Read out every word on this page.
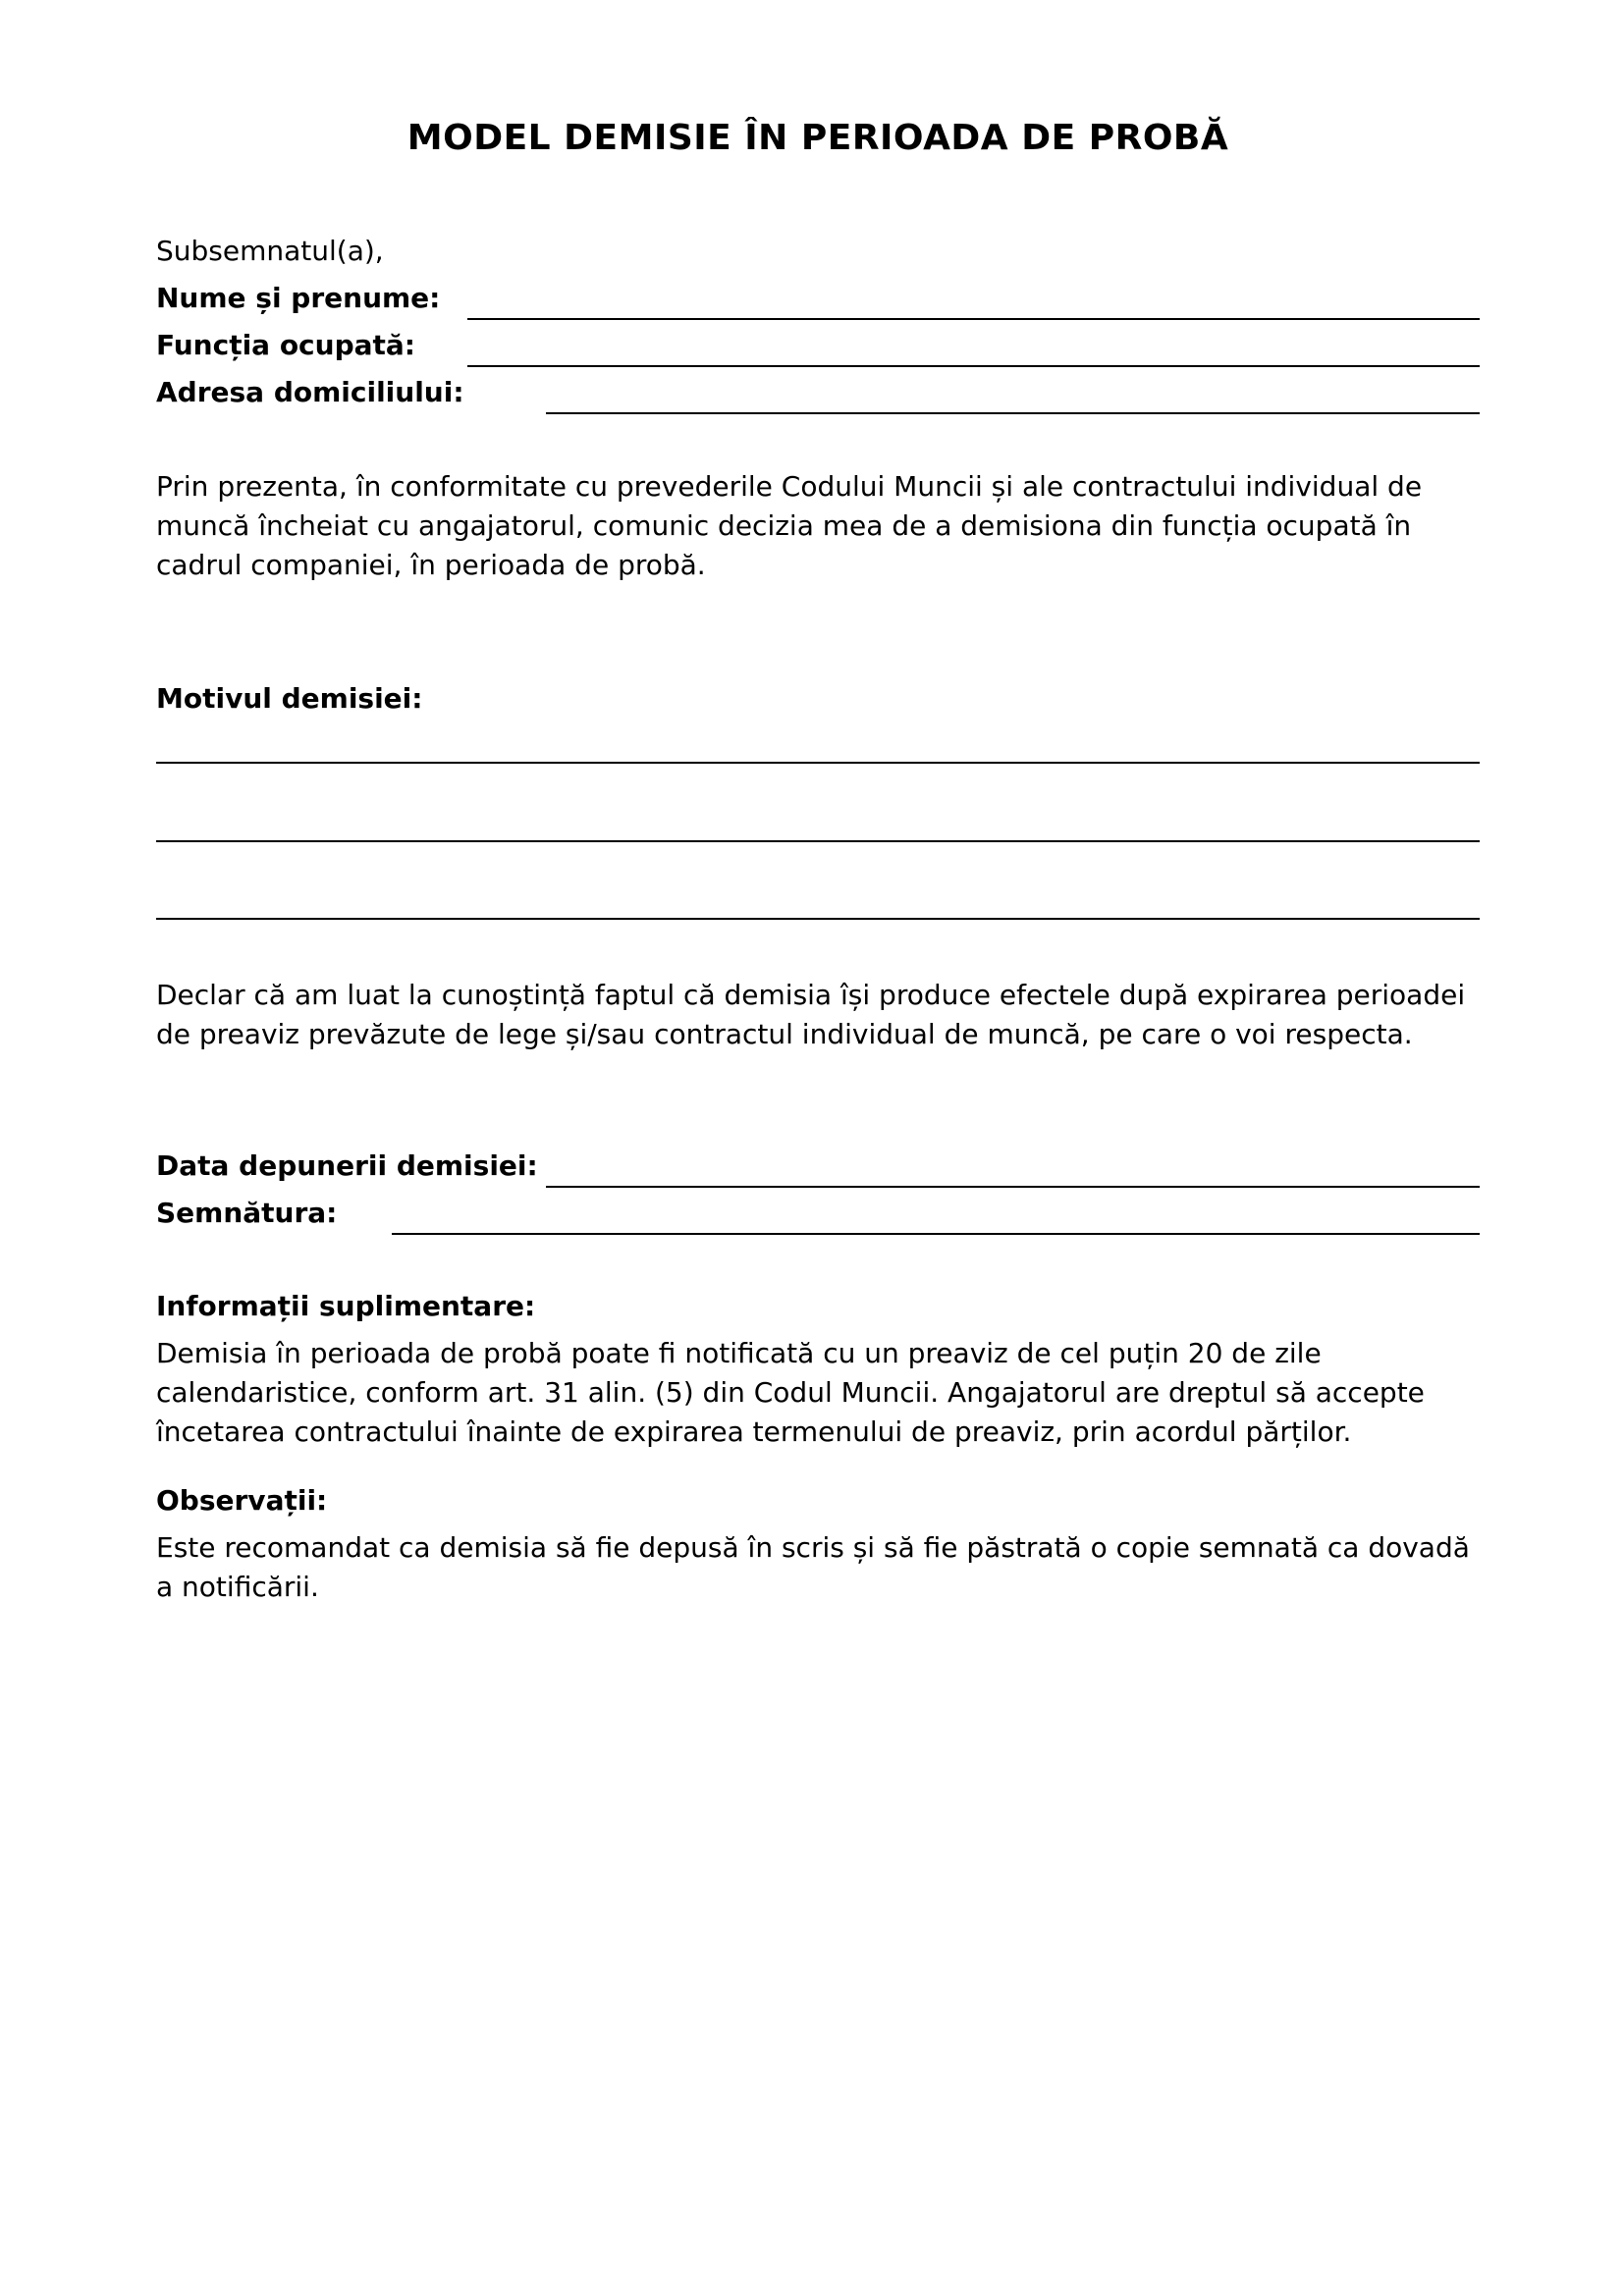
MODEL DEMISIE ÎN PERIOADA DE PROBĂ

Subsemnatul(a),

Nume și prenume:
Funcția ocupată:
Adresa domiciliului:

Prin prezenta, în conformitate cu prevederile Codului Muncii și ale contractului individual de muncă încheiat cu angajatorul, comunic decizia mea de a demisiona din funcția ocupată în cadrul companiei, în perioada de probă.

Motivul demisiei:

Declar că am luat la cunoștință faptul că demisia își produce efectele după expirarea perioadei de preaviz prevăzute de lege și/sau contractul individual de muncă, pe care o voi respecta.

Data depunerii demisiei:
Semnătura:

Informații suplimentare:

Demisia în perioada de probă poate fi notificată cu un preaviz de cel puțin 20 de zile calendaristice, conform art. 31 alin. (5) din Codul Muncii. Angajatorul are dreptul să accepte încetarea contractului înainte de expirarea termenului de preaviz, prin acordul părților.

Observații:

Este recomandat ca demisia să fie depusă în scris și să fie păstrată o copie semnată ca dovadă a notificării.
